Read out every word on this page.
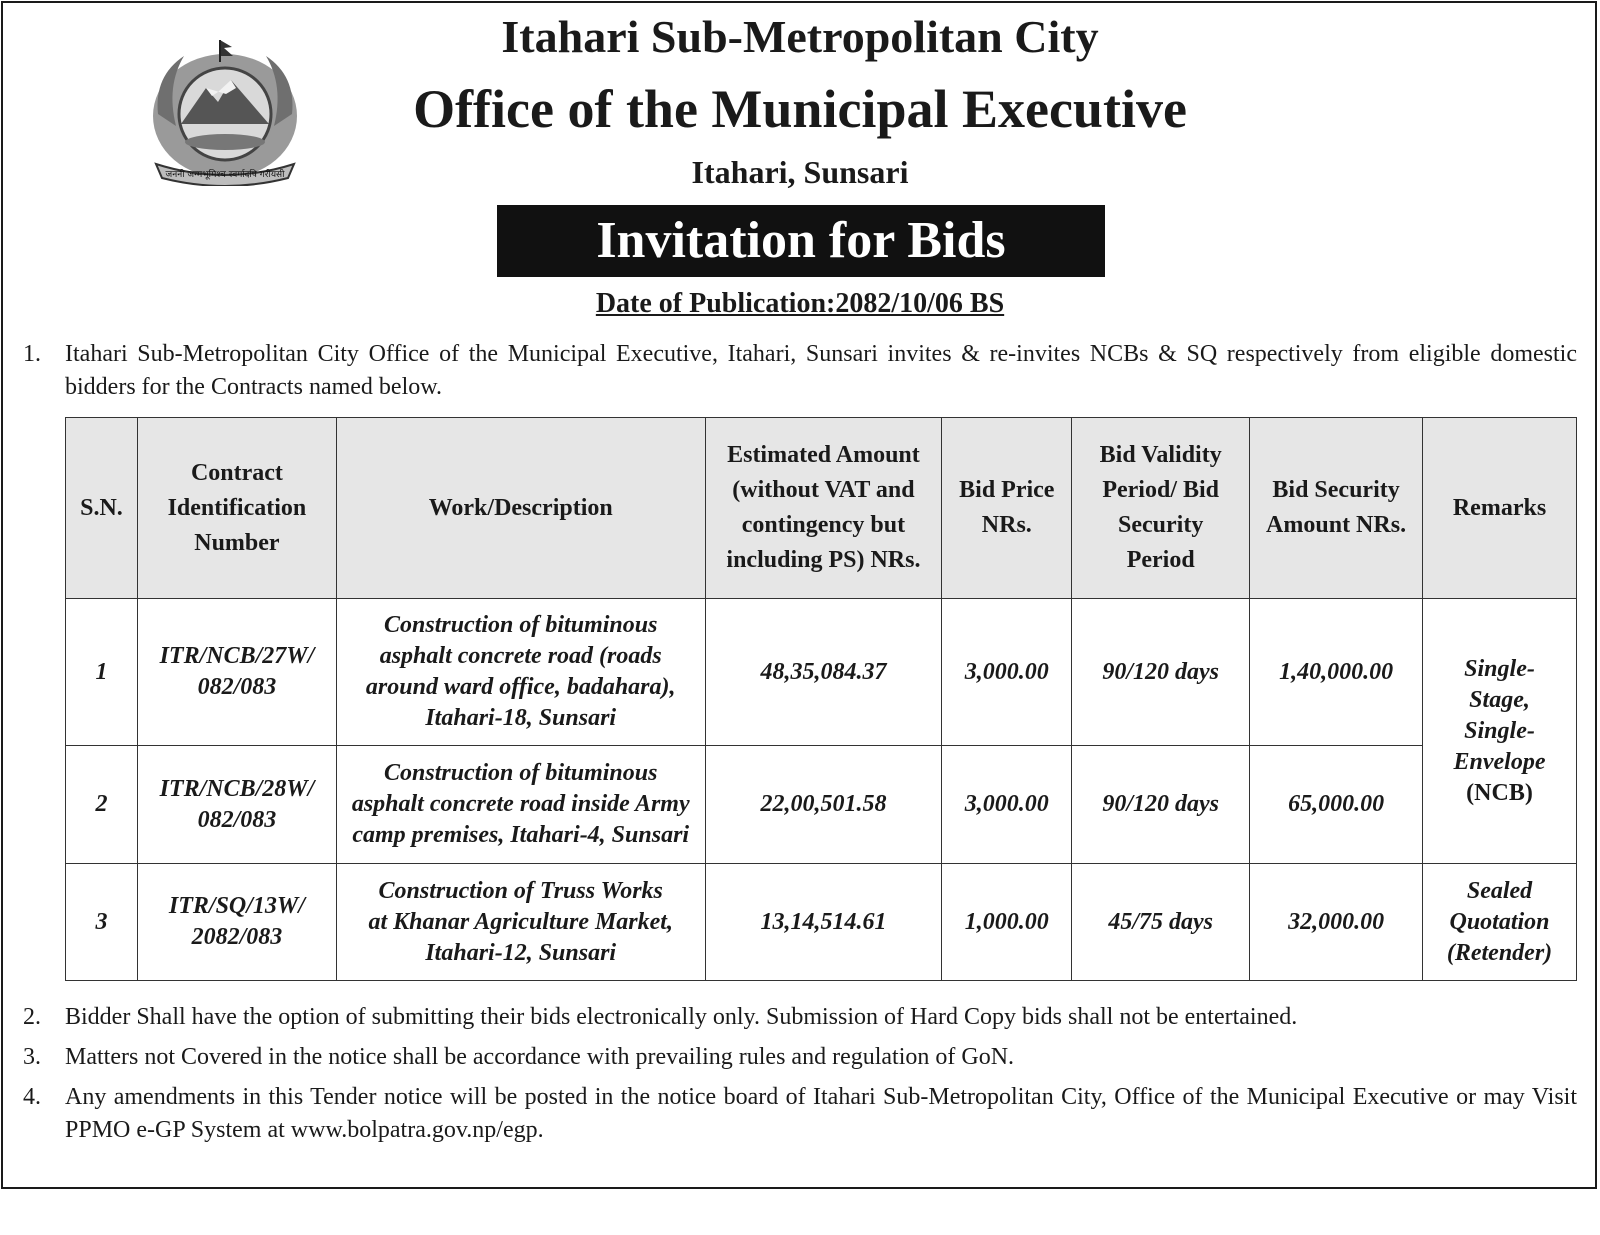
जननी जन्मभूमिश्च स्वर्गादपि गरीयसी
Itahari Sub-Metropolitan City
Office of the Municipal Executive
Itahari, Sunsari
Invitation for Bids
Date of Publication:2082/10/06 BS
1. Itahari Sub-Metropolitan City Office of the Municipal Executive, Itahari, Sunsari invites & re-invites NCBs & SQ respectively from eligible domestic bidders for the Contracts named below.
S.N.	Contract
Identification
Number	Work/Description	Estimated Amount
(without VAT and
contingency but
including PS) NRs.	Bid Price
NRs.	Bid Validity
Period/ Bid
Security
Period	Bid Security
Amount NRs.	Remarks
1	ITR/NCB/27W/
082/083	Construction of bituminous
asphalt concrete road (roads
around ward office, badahara),
Itahari-18, Sunsari	48,35,084.37	3,000.00	90/120 days	1,40,000.00	Single-
Stage,
Single-
Envelope
(NCB)
2	ITR/NCB/28W/
082/083	Construction of bituminous
asphalt concrete road inside Army
camp premises, Itahari-4, Sunsari	22,00,501.58	3,000.00	90/120 days	65,000.00	
3	ITR/SQ/13W/
2082/083	Construction of Truss Works
at Khanar Agriculture Market,
Itahari-12, Sunsari	13,14,514.61	1,000.00	45/75 days	32,000.00	Sealed
Quotation
(Retender)
2. Bidder Shall have the option of submitting their bids electronically only. Submission of Hard Copy bids shall not be entertained.
3. Matters not Covered in the notice shall be accordance with prevailing rules and regulation of GoN.
4. Any amendments in this Tender notice will be posted in the notice board of Itahari Sub-Metropolitan City, Office of the Municipal Executive or may Visit PPMO e-GP System at www.bolpatra.gov.np/egp.
